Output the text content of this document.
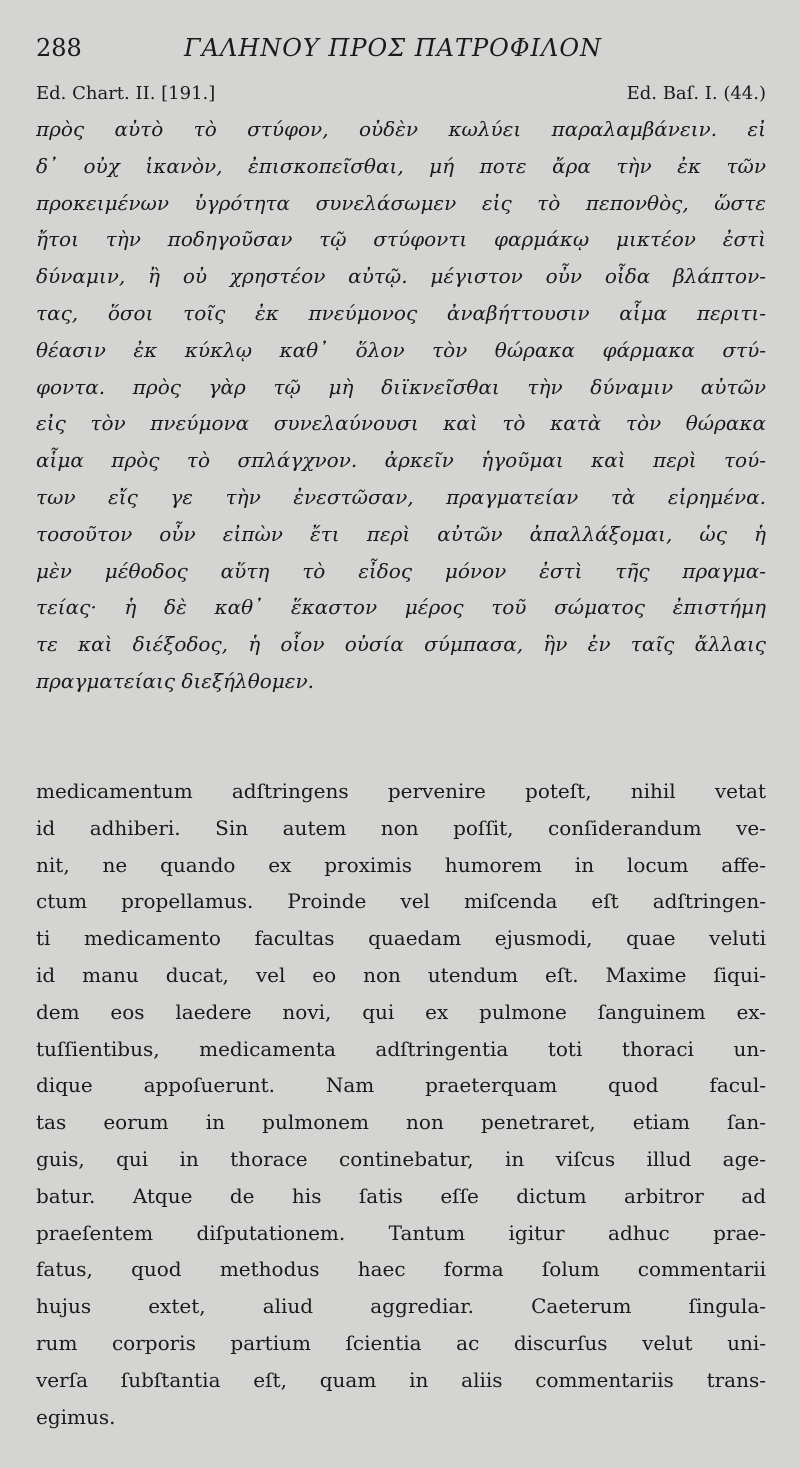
288	ΓΑΛΗΝΟΥ ΠΡΟΣ ΠΑΤΡΟΦΙΛΟΝ
Ed. Chart. II. [191.]	Ed. Baſ. I. (44.)
πρὸς αὐτὸ τὸ στύφον, οὐδὲν κωλύει παραλαμβάνειν. εἰ
δ᾽ οὐχ ἱκανὸν, ἐπισκοπεῖσθαι, μή ποτε ἄρα τὴν ἐκ τῶν
προκειμένων ὑγρότητα συνελάσωμεν εἰς τὸ πεπονθὸς, ὥστε
ἤτοι τὴν ποδηγοῦσαν τῷ στύφοντι φαρμάκῳ μικτέον ἐστὶ
δύναμιν, ἢ οὐ χρηστέον αὐτῷ. μέγιστον οὖν οἶδα βλάπτον-
τας, ὅσοι τοῖς ἐκ πνεύμονος ἀναβήττουσιν αἷμα περιτι-
θέασιν ἐκ κύκλῳ καθ᾽ ὅλον τὸν θώρακα φάρμακα στύ-
φοντα. πρὸς γὰρ τῷ μὴ διϊκνεῖσθαι τὴν δύναμιν αὐτῶν
εἰς τὸν πνεύμονα συνελαύνουσι καὶ τὸ κατὰ τὸν θώρακα
αἷμα πρὸς τὸ σπλάγχνον. ἀρκεῖν ἡγοῦμαι καὶ περὶ τού-
των εἴς γε τὴν ἐνεστῶσαν, πραγματείαν τὰ εἰρημένα.
τοσοῦτον οὖν εἰπὼν ἔτι περὶ αὐτῶν ἀπαλλάξομαι, ὡς ἡ
μὲν μέθοδος αὕτη τὸ εἶδος μόνον ἐστὶ τῆς πραγμα-
τείας· ἡ δὲ καθ᾽ ἕκαστον μέρος τοῦ σώματος ἐπιστήμη
τε καὶ διέξοδος, ἡ οἷον οὐσία σύμπασα, ἣν ἐν ταῖς ἄλλαις
πραγματείαις διεξήλθομεν.
medicamentum adſtringens pervenire poteſt, nihil vetat
id adhiberi. Sin autem non poſſit, conſiderandum ve-
nit, ne quando ex proximis humorem in locum affe-
ctum propellamus. Proinde vel miſcenda eſt adſtringen-
ti medicamento facultas quaedam ejusmodi, quae veluti
id manu ducat, vel eo non utendum eſt. Maxime ſiqui-
dem eos laedere novi, qui ex pulmone ſanguinem ex-
tuſſientibus, medicamenta adſtringentia toti thoraci un-
dique appoſuerunt. Nam praeterquam quod facul-
tas eorum in pulmonem non penetraret, etiam ſan-
guis, qui in thorace continebatur, in viſcus illud age-
batur. Atque de his ſatis eſſe dictum arbitror ad
praeſentem diſputationem. Tantum igitur adhuc prae-
fatus, quod methodus haec forma ſolum commentarii
hujus extet, aliud aggrediar. Caeterum ſingula-
rum corporis partium ſcientia ac discurſus velut uni-
verſa ſubſtantia eſt, quam in aliis commentariis trans-
egimus.
